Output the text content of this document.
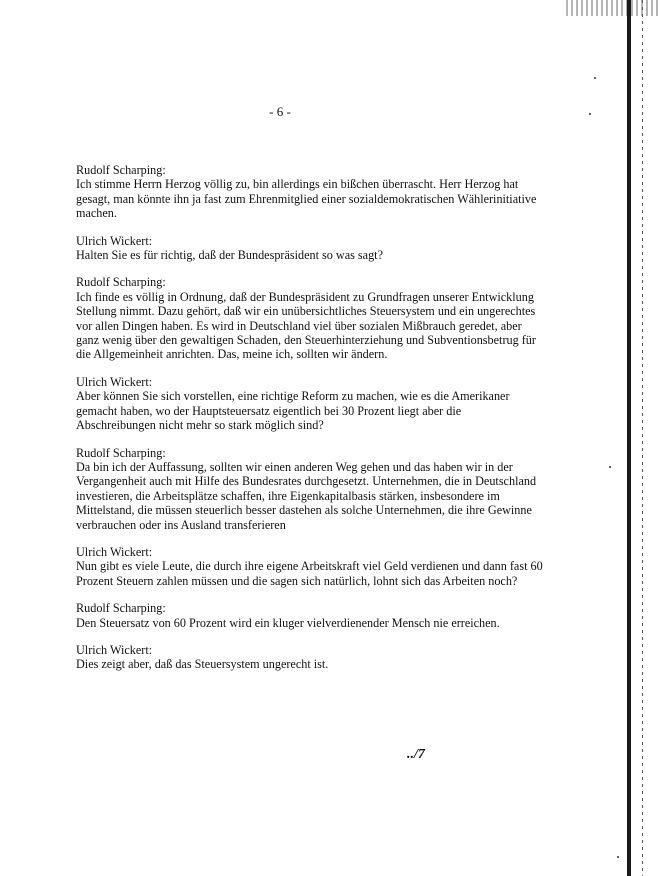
- 6 -
Rudolf Scharping:
Ich stimme Herrn Herzog völlig zu, bin allerdings ein bißchen überrascht. Herr Herzog hat
gesagt, man könnte ihn ja fast zum Ehrenmitglied einer sozialdemokratischen Wählerinitiative
machen.
Ulrich Wickert:
Halten Sie es für richtig, daß der Bundespräsident so was sagt?
Rudolf Scharping:
Ich finde es völlig in Ordnung, daß der Bundespräsident zu Grundfragen unserer Entwicklung
Stellung nimmt. Dazu gehört, daß wir ein unübersichtliches Steuersystem und ein ungerechtes
vor allen Dingen haben. Es wird in Deutschland viel über sozialen Mißbrauch geredet, aber
ganz wenig über den gewaltigen Schaden, den Steuerhinterziehung und Subventionsbetrug für
die Allgemeinheit anrichten. Das, meine ich, sollten wir ändern.
Ulrich Wickert:
Aber können Sie sich vorstellen, eine richtige Reform zu machen, wie es die Amerikaner
gemacht haben, wo der Hauptsteuersatz eigentlich bei 30 Prozent liegt aber die
Abschreibungen nicht mehr so stark möglich sind?
Rudolf Scharping:
Da bin ich der Auffassung, sollten wir einen anderen Weg gehen und das haben wir in der
Vergangenheit auch mit Hilfe des Bundesrates durchgesetzt. Unternehmen, die in Deutschland
investieren, die Arbeitsplätze schaffen, ihre Eigenkapitalbasis stärken, insbesondere im
Mittelstand, die müssen steuerlich besser dastehen als solche Unternehmen, die ihre Gewinne
verbrauchen oder ins Ausland transferieren
Ulrich Wickert:
Nun gibt es viele Leute, die durch ihre eigene Arbeitskraft viel Geld verdienen und dann fast 60
Prozent Steuern zahlen müssen und die sagen sich natürlich, lohnt sich das Arbeiten noch?
Rudolf Scharping:
Den Steuersatz von 60 Prozent wird ein kluger vielverdienender Mensch nie erreichen.
Ulrich Wickert:
Dies zeigt aber, daß das Steuersystem ungerecht ist.
../7
